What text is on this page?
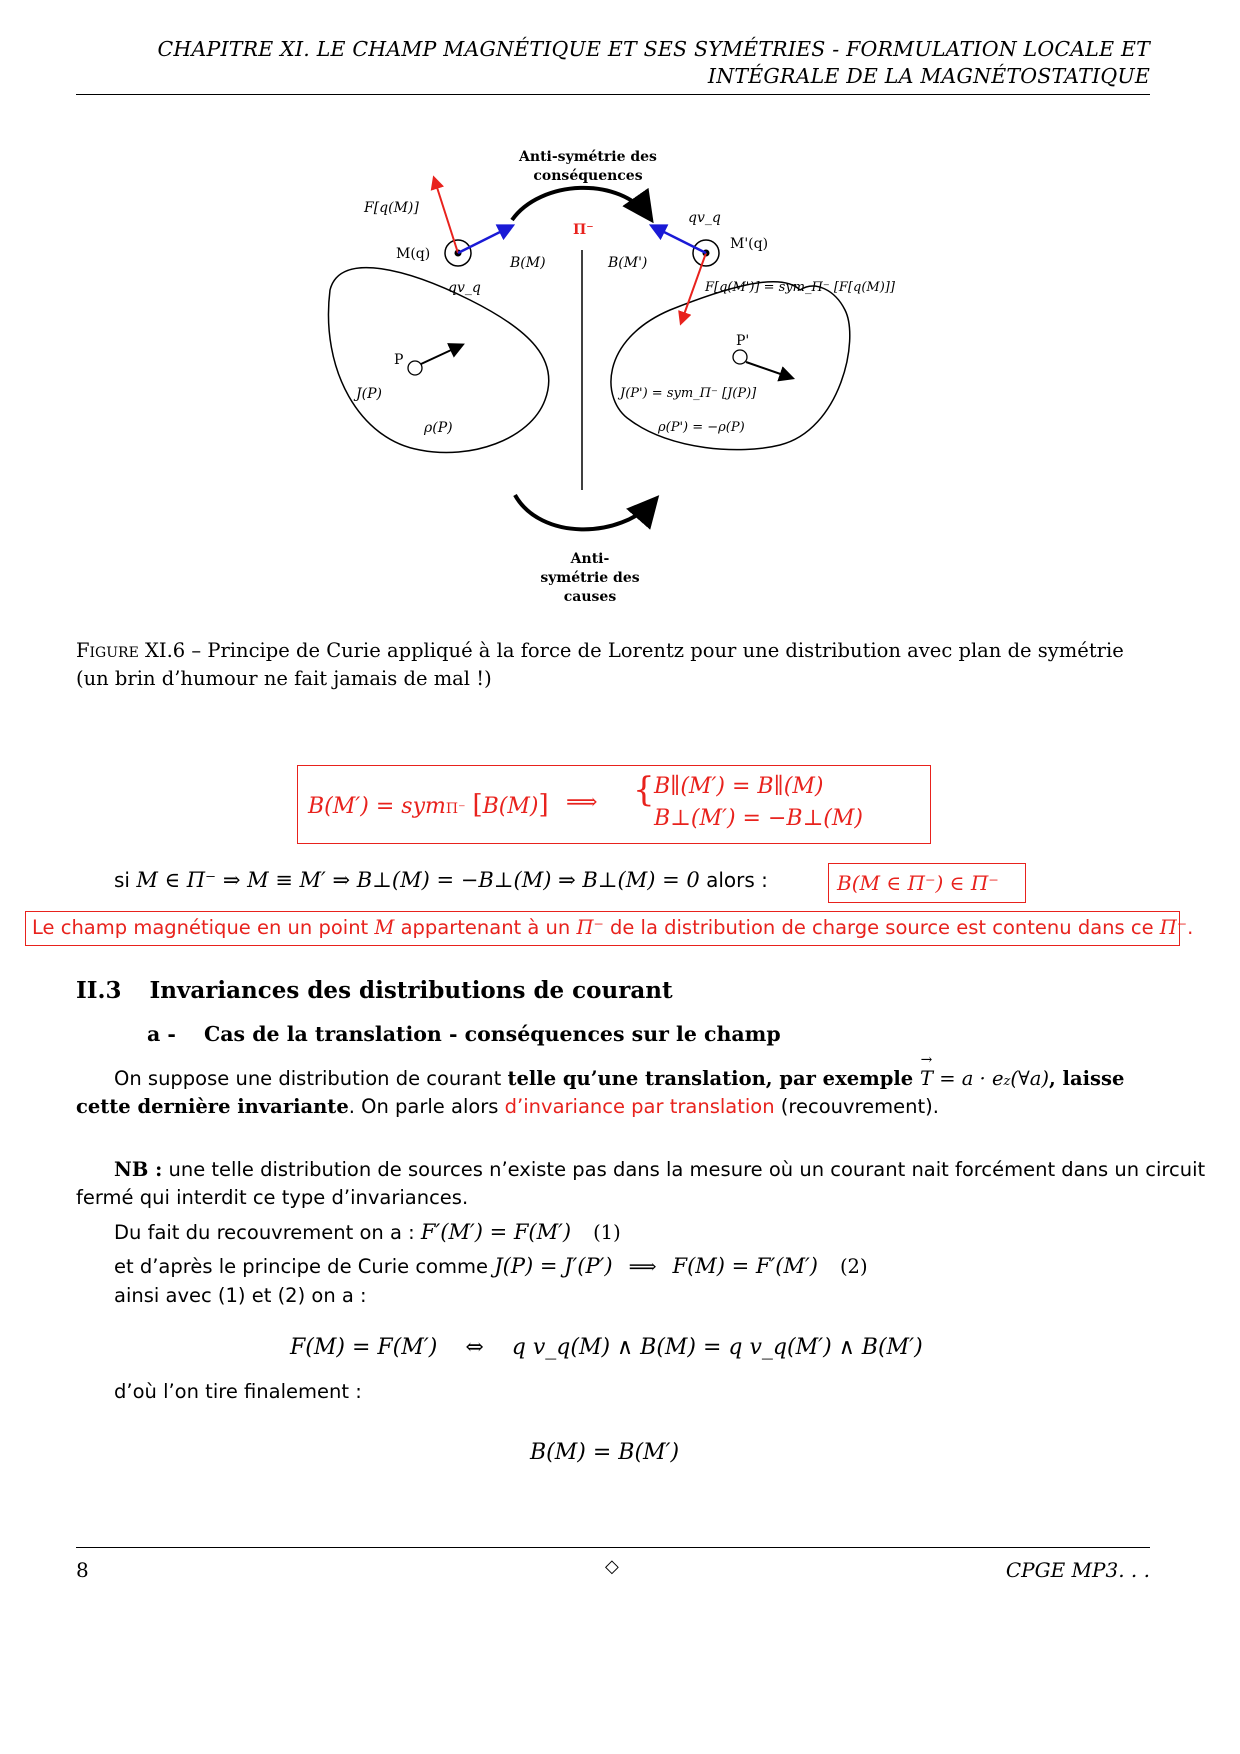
CHAPITRE XI. LE CHAMP MAGNÉTIQUE ET SES SYMÉTRIES - FORMULATION LOCALE ET
INTÉGRALE DE LA MAGNÉTOSTATIQUE
Anti-symétrie des
conséquences
Π⁻
F[q(M)]
M(q)
qv_q
B(M)	B(M')
qv_q
M'(q)
F[q(M')] = sym_Π⁻ [F[q(M)]]
P
J(P)
ρ(P)
P'
J(P') = sym_Π⁻ [J(P)]
ρ(P') = −ρ(P)
Anti-
symétrie des
causes
Figure XI.6 – Principe de Curie appliqué à la force de Lorentz pour une distribution avec plan de symétrie
(un brin d’humour ne fait jamais de mal !)
B(M′) = symΠ⁻ [B(M)] ⟹ { B∥(M′) = B∥(M)
B⊥(M′) = −B⊥(M)
si M ∈ Π⁻ ⇒ M ≡ M′ ⇒ B⊥(M) = −B⊥(M) ⇒ B⊥(M) = 0 alors :	B(M ∈ Π⁻) ∈ Π⁻
Le champ magnétique en un point M appartenant à un Π⁻ de la distribution de charge source est contenu dans ce Π⁻.
II.3 Invariances des distributions de courant
a - Cas de la translation - conséquences sur le champ
On suppose une distribution de courant telle qu’une translation, par exemple → T = a · ez(∀a), laisse
cette dernière invariante. On parle alors d’invariance par translation (recouvrement).
NB : une telle distribution de sources n’existe pas dans la mesure où un courant nait forcément dans un circuit
fermé qui interdit ce type d’invariances.
Du fait du recouvrement on a : F′(M′) = F(M′) (1)
et d’après le principe de Curie comme J(P) = J′(P′) ⟹ F(M) = F′(M′) (2)
ainsi avec (1) et (2) on a :
F(M) = F(M′) ⇔ q v_q(M) ∧ B(M) = q v_q(M′) ∧ B(M′)
d’où l’on tire finalement :
B(M) = B(M′)
8	◇	CPGE MP3. . .
